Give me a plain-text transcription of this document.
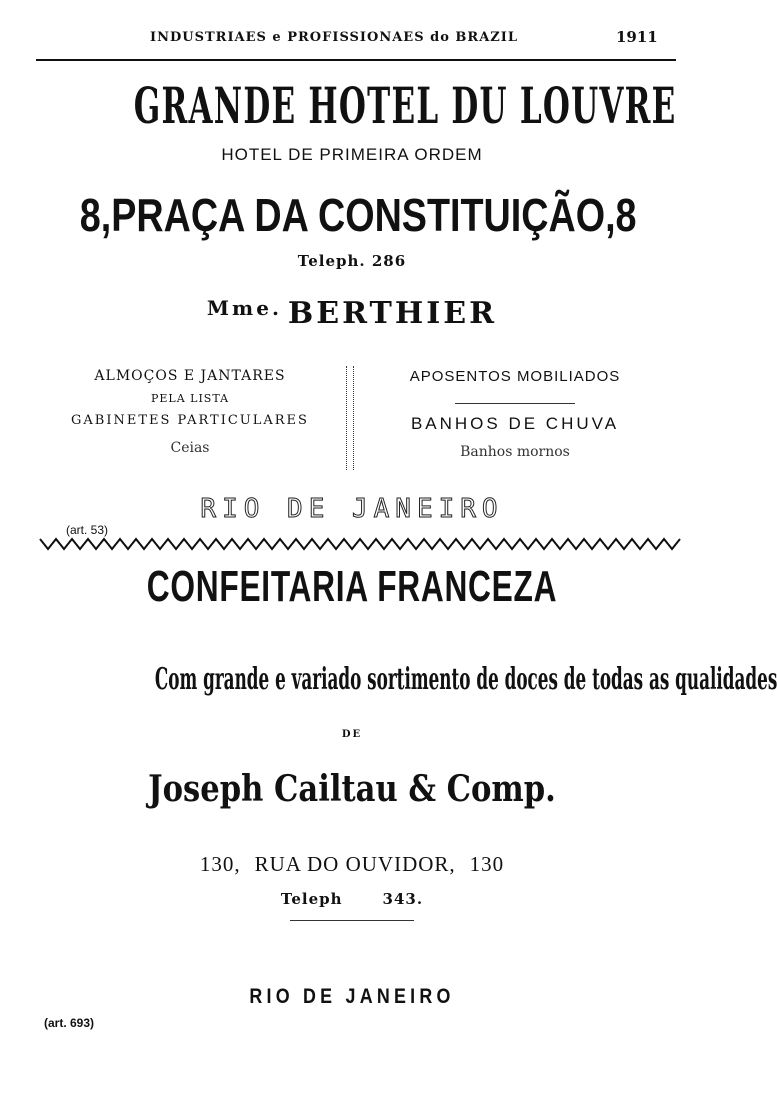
INDUSTRIAES e PROFISSIONAES do BRAZIL	1911
GRANDE HOTEL DU LOUVRE
HOTEL DE PRIMEIRA ORDEM
8, PRAÇA DA CONSTITUIÇÃO, 8
Teleph. 286
$^{Mme.}$ BERTHIER
ALMOÇOS E JANTARES
PELA LISTA
GABINETES PARTICULARES
Ceias
APOSENTOS MOBILIADOS
BANHOS DE CHUVA
Banhos mornos
RIO DE JANEIRO
(art. 53)
CONFEITARIA FRANCEZA
Com grande e variado sortimento de doces de todas as qualidades
DE
Joseph Cailtau & Comp.
130, RUA DO OUVIDOR, 130
Teleph	343.
RIO DE JANEIRO
(art. 693)
